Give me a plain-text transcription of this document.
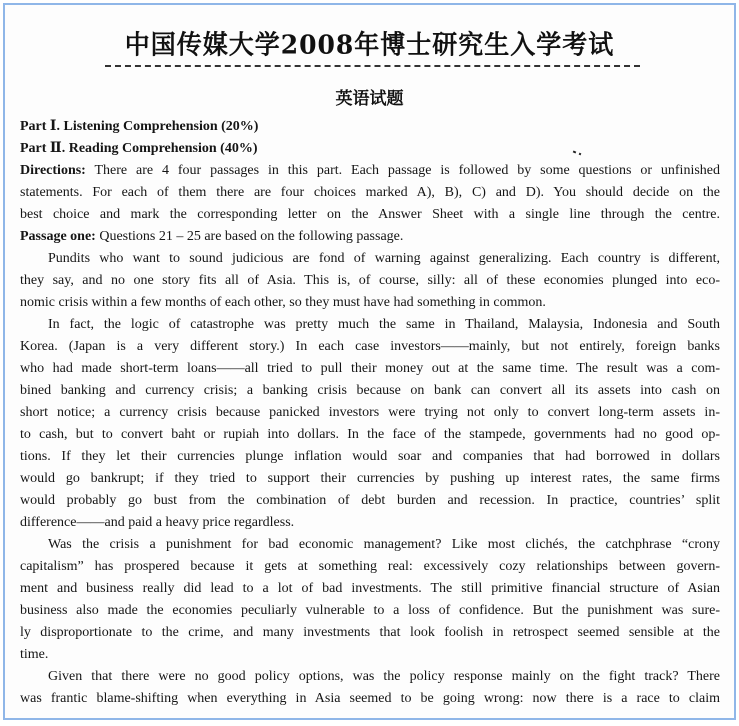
中国传媒大学2008年博士研究生入学考试
英语试题
Part Ⅰ. Listening Comprehension (20%)
Part Ⅱ. Reading Comprehension (40%)
Directions: There are 4 four passages in this part. Each passage is followed by some questions or unfinished
statements. For each of them there are four choices marked A), B), C) and D). You should decide on the
best choice and mark the corresponding letter on the Answer Sheet with a single line through the centre.
Passage one: Questions 21 – 25 are based on the following passage.
Pundits who want to sound judicious are fond of warning against generalizing. Each country is different,
they say, and no one story fits all of Asia. This is, of course, silly: all of these economies plunged into eco-
nomic crisis within a few months of each other, so they must have had something in common.
In fact, the logic of catastrophe was pretty much the same in Thailand, Malaysia, Indonesia and South
Korea. (Japan is a very different story.) In each case investors——mainly, but not entirely, foreign banks
who had made short-term loans——all tried to pull their money out at the same time. The result was a com-
bined banking and currency crisis; a banking crisis because on bank can convert all its assets into cash on
short notice; a currency crisis because panicked investors were trying not only to convert long-term assets in-
to cash, but to convert baht or rupiah into dollars. In the face of the stampede, governments had no good op-
tions. If they let their currencies plunge inflation would soar and companies that had borrowed in dollars
would go bankrupt; if they tried to support their currencies by pushing up interest rates, the same firms
would probably go bust from the combination of debt burden and recession. In practice, countries’ split
difference——and paid a heavy price regardless.
Was the crisis a punishment for bad economic management? Like most clichés, the catchphrase “crony
capitalism” has prospered because it gets at something real: excessively cozy relationships between govern-
ment and business really did lead to a lot of bad investments. The still primitive financial structure of Asian
business also made the economies peculiarly vulnerable to a loss of confidence. But the punishment was sure-
ly disproportionate to the crime, and many investments that look foolish in retrospect seemed sensible at the
time.
Given that there were no good policy options, was the policy response mainly on the fight track? There
was frantic blame-shifting when everything in Asia seemed to be going wrong: now there is a race to claim
